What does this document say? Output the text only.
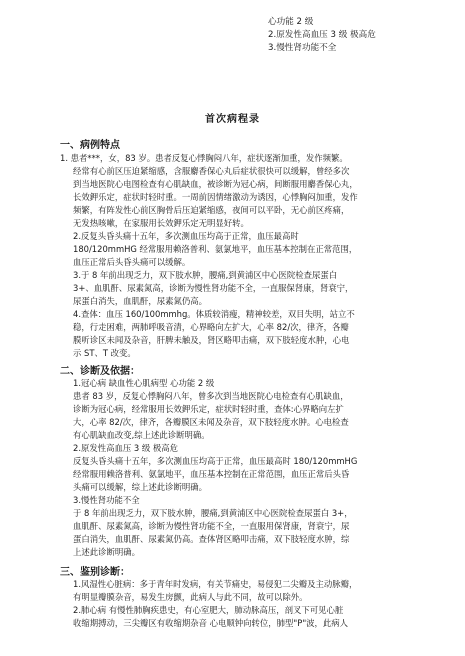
心功能 2 级
2.原发性高血压 3 级 极高危
3.慢性肾功能不全
首次病程录
一、病例特点

1. 患者***，女，83 岁。患者反复心悸胸闷八年，症状逐渐加重，发作频繁。

经常有心前区压迫紧缩感，含服麝香保心丸后症状很快可以缓解，曾经多次

到当地医院心电图检查有心肌缺血，被诊断为冠心病，间断服用麝香保心丸，

长效鉀乐定，症状时轻时重。一周前因情绪激动为诱因，心悸胸闷加重，发作

频繁，有阵发性心前区胸骨后压迫紧缩感，夜间可以平卧，无心前区疼痛，

无发热咳嗽，在家服用长效鉀乐定无明显好转。

2.反复头昏头痛十五年，多次测血压均高于正常，血压最高时

180/120mmHG 经常服用赖洛普利、氨氯地平，血压基本控制在正常范围，

血压正常后头昏头痛可以缓解。

3.于 8 年前出现乏力，双下肢水肿，腰痛,到黄浦区中心医院检查尿蛋白

3+、血肌酐、尿素氮高，诊断为慢性肾功能不全，一直服保肾康，肾衰宁，

尿蛋白消失，血肌酐，尿素氮仍高。

4.查体：血压 160/100mmhg。体质较消瘦，精神较差，双目失明，站立不

稳，行走困难，两肺呼吸音清，心界略向左扩大，心率 82/次，律齐，各瓣

膜听诊区未闻及杂音，肝脾未触及，肾区略叩击痛，双下肢轻度水肿，心电

示 ST、T 改变。

二、诊断及依据：

1.冠心病 缺血性心肌病型 心功能 2 级

患者 83 岁，反复心悸胸闷八年，曾多次到当地医院心电检查有心肌缺血，

诊断为冠心病，经常服用长效鉀乐定，症状时轻时重，查体:心界略向左扩

大，心率 82/次，律齐，各瓣膜区未闻及杂音，双下肢轻度水肿。心电检查

有心肌缺血改变,综上述此诊断明确。

2.原发性高血压 3 级 极高危

反复头昏头痛十五年，多次测血压均高于正常，血压最高时 180/120mmHG

经常服用赖洛普利、氨氯地平，血压基本控制在正常范围，血压正常后头昏

头痛可以缓解，综上述此诊断明确。

3.慢性肾功能不全

于 8 年前出现乏力，双下肢水肿，腰痛,到黄浦区中心医院检查尿蛋白 3+，

血肌酐、尿素氮高，诊断为慢性肾功能不全，一直服用保肾康，肾衰宁，尿

蛋白消失，血肌酐、尿素氮仍高。查体肾区略叩击痛，双下肢轻度水肿，综

上述此诊断明确。

三、鉴别诊断：

1.风湿性心脏病：多于青年时发病，有关节痛史，易侵犯二尖瓣及主动脉瓣，

有明显瓣膜杂音，易发生房颤，此病人与此不同，故可以除外。

2.肺心病 有慢性肺胸疾患史，有心室肥大，肺动脉高压，剖叉下可见心脏

收缩期搏动，三尖瓣区有收缩期杂音 心电顺钟向转位，肺型"P"波，此病人
